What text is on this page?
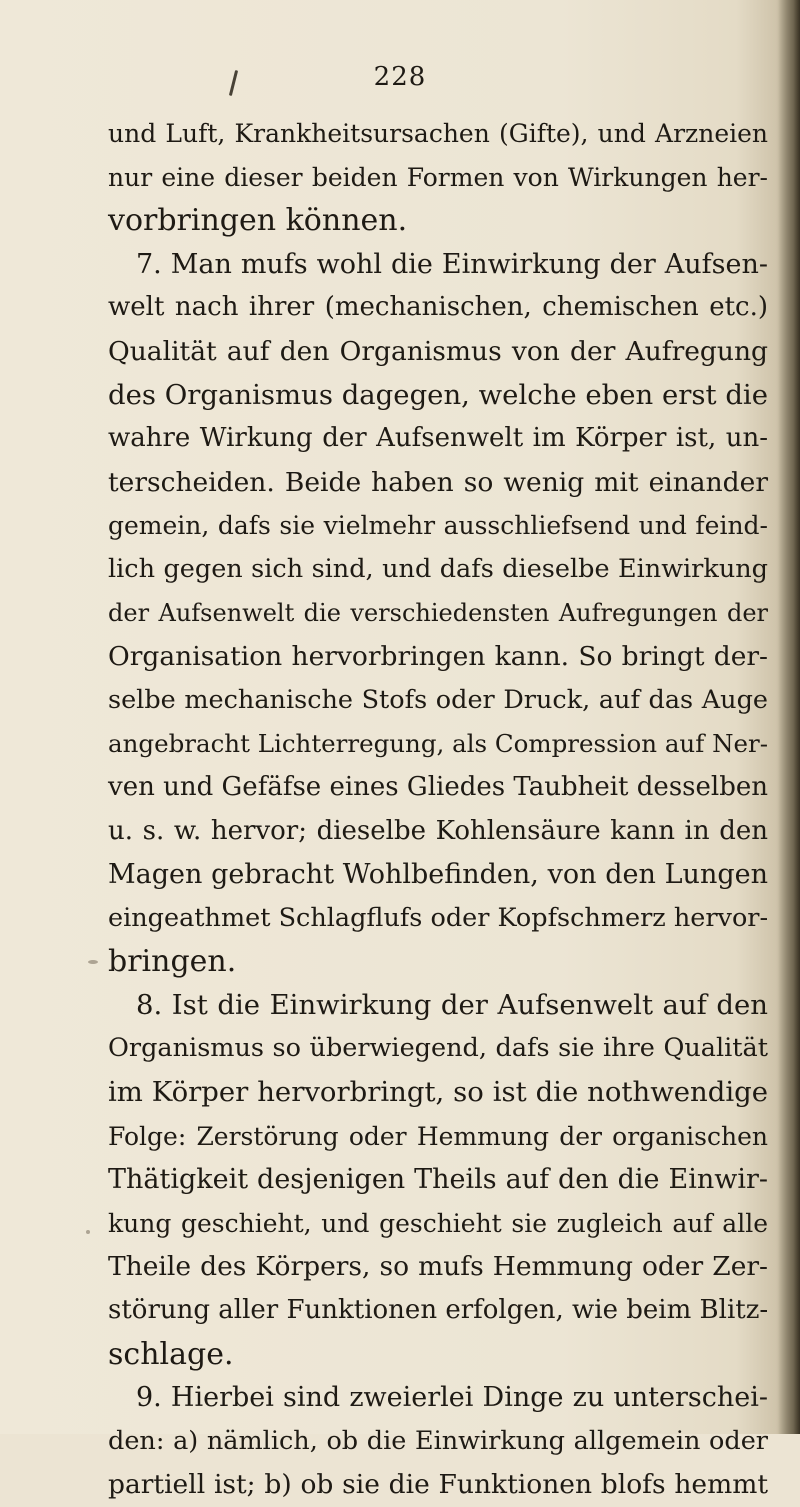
228
und Luft, Krankheitsursachen (Gifte), und Arzneien
nur eine dieser beiden Formen von Wirkungen her-
vorbringen können.
7. Man mufs wohl die Einwirkung der Aufsen-
welt nach ihrer (mechanischen, chemischen etc.)
Qualität auf den Organismus von der Aufregung
des Organismus dagegen, welche eben erst die
wahre Wirkung der Aufsenwelt im Körper ist, un-
terscheiden. Beide haben so wenig mit einander
gemein, dafs sie vielmehr ausschliefsend und feind-
lich gegen sich sind, und dafs dieselbe Einwirkung
der Aufsenwelt die verschiedensten Aufregungen der
Organisation hervorbringen kann. So bringt der-
selbe mechanische Stofs oder Druck, auf das Auge
angebracht Lichterregung, als Compression auf Ner-
ven und Gefäfse eines Gliedes Taubheit desselben
u. s. w. hervor; dieselbe Kohlensäure kann in den
Magen gebracht Wohlbefinden, von den Lungen
eingeathmet Schlagflufs oder Kopfschmerz hervor-
bringen.
8. Ist die Einwirkung der Aufsenwelt auf den
Organismus so überwiegend, dafs sie ihre Qualität
im Körper hervorbringt, so ist die nothwendige
Folge: Zerstörung oder Hemmung der organischen
Thätigkeit desjenigen Theils auf den die Einwir-
kung geschieht, und geschieht sie zugleich auf alle
Theile des Körpers, so mufs Hemmung oder Zer-
störung aller Funktionen erfolgen, wie beim Blitz-
schlage.
9. Hierbei sind zweierlei Dinge zu unterschei-
den: a) nämlich, ob die Einwirkung allgemein oder
partiell ist; b) ob sie die Funktionen blofs hemmt
